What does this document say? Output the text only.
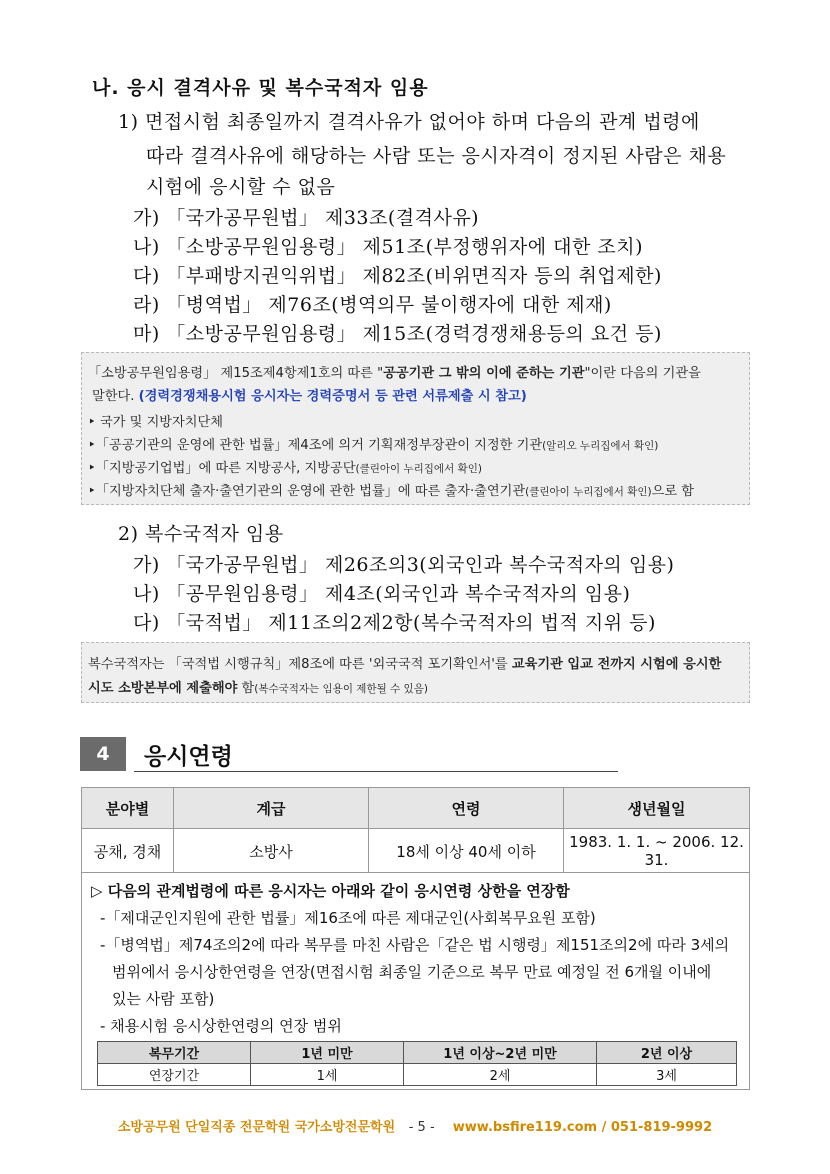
나. 응시 결격사유 및 복수국적자 임용
1) 면접시험 최종일까지 결격사유가 없어야 하며 다음의 관계 법령에
따라 결격사유에 해당하는 사람 또는 응시자격이 정지된 사람은 채용
시험에 응시할 수 없음
가) 「국가공무원법」 제33조(결격사유)
나) 「소방공무원임용령」 제51조(부정행위자에 대한 조치)
다) 「부패방지권익위법」 제82조(비위면직자 등의 취업제한)
라) 「병역법」 제76조(병역의무 불이행자에 대한 제재)
마) 「소방공무원임용령」 제15조(경력경쟁채용등의 요건 등)
「소방공무원임용령」 제15조제4항제1호의 따른 "공공기관 그 밖의 이에 준하는 기관"이란 다음의 기관을
말한다. (경력경쟁채용시험 응시자는 경력증명서 등 관련 서류제출 시 참고)
‣ 국가 및 지방자치단체
‣「공공기관의 운영에 관한 법률」제4조에 의거 기획재정부장관이 지정한 기관(알리오 누리집에서 확인)
‣「지방공기업법」에 따른 지방공사, 지방공단(클린아이 누리집에서 확인)
‣「지방자치단체 출자·출연기관의 운영에 관한 법률」에 따른 출자·출연기관(클린아이 누리집에서 확인)으로 함
2) 복수국적자 임용
가) 「국가공무원법」 제26조의3(외국인과 복수국적자의 임용)
나) 「공무원임용령」 제4조(외국인과 복수국적자의 임용)
다) 「국적법」 제11조의2제2항(복수국적자의 법적 지위 등)
복수국적자는 「국적법 시행규칙」제8조에 따른 '외국국적 포기확인서'를 교육기관 입교 전까지 시험에 응시한
시도 소방본부에 제출해야 함(복수국적자는 임용이 제한될 수 있음)
4	응시연령
분야별	계급	연령	생년월일
공채, 경채	소방사	18세 이상 40세 이하	1983. 1. 1. ~ 2006. 12. 31.
▷ 다음의 관계법령에 따른 응시자는 아래와 같이 응시연령 상한을 연장함
-「제대군인지원에 관한 법률」제16조에 따른 제대군인(사회복무요원 포함)
-「병역법」제74조의2에 따라 복무를 마친 사람은「같은 법 시행령」제151조의2에 따라 3세의
범위에서 응시상한연령을 연장(면접시험 최종일 기준으로 복무 만료 예정일 전 6개월 이내에
있는 사람 포함)
- 채용시험 응시상한연령의 연장 범위
복무기간	1년 미만	1년 이상~2년 미만	2년 이상
연장기간	1세	2세	3세
소방공무원 단일직종 전문학원 국가소방전문학원 - 5 - www.bsfire119.com / 051-819-9992
